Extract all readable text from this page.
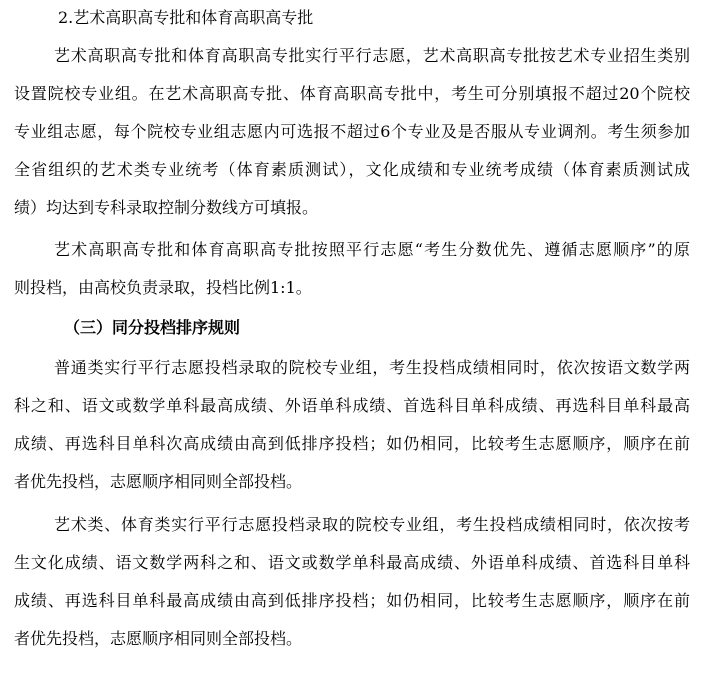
2.艺术高职高专批和体育高职高专批
艺术高职高专批和体育高职高专批实行平行志愿，艺术高职高专批按艺术专业招生类别
设置院校专业组。在艺术高职高专批、体育高职高专批中，考生可分别填报不超过20个院校
专业组志愿，每个院校专业组志愿内可选报不超过6个专业及是否服从专业调剂。考生须参加
全省组织的艺术类专业统考（体育素质测试），文化成绩和专业统考成绩（体育素质测试成
绩）均达到专科录取控制分数线方可填报。
艺术高职高专批和体育高职高专批按照平行志愿“考生分数优先、遵循志愿顺序”的原
则投档，由高校负责录取，投档比例1:1。
（三）同分投档排序规则
普通类实行平行志愿投档录取的院校专业组，考生投档成绩相同时，依次按语文数学两
科之和、语文或数学单科最高成绩、外语单科成绩、首选科目单科成绩、再选科目单科最高
成绩、再选科目单科次高成绩由高到低排序投档；如仍相同，比较考生志愿顺序，顺序在前
者优先投档，志愿顺序相同则全部投档。
艺术类、体育类实行平行志愿投档录取的院校专业组，考生投档成绩相同时，依次按考
生文化成绩、语文数学两科之和、语文或数学单科最高成绩、外语单科成绩、首选科目单科
成绩、再选科目单科最高成绩由高到低排序投档；如仍相同，比较考生志愿顺序，顺序在前
者优先投档，志愿顺序相同则全部投档。
